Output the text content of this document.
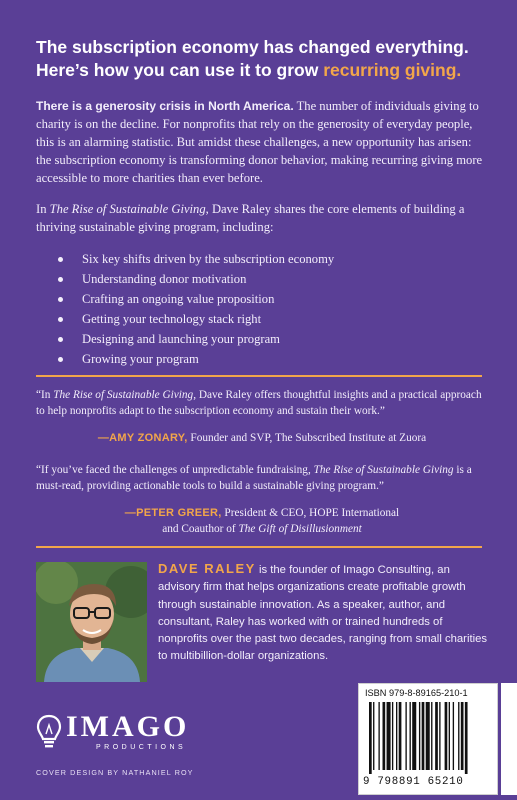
The subscription economy has changed everything.
Here’s how you can use it to grow recurring giving.
There is a generosity crisis in North America. The number of individuals giving to charity is on the decline. For nonprofits that rely on the generosity of everyday people, this is an alarming statistic. But amidst these challenges, a new opportunity has arisen: the subscription economy is transforming donor behavior, making recurring giving more accessible to more charities than ever before.
In The Rise of Sustainable Giving, Dave Raley shares the core elements of building a thriving sustainable giving program, including:
Six key shifts driven by the subscription economy
Understanding donor motivation
Crafting an ongoing value proposition
Getting your technology stack right
Designing and launching your program
Growing your program
“In The Rise of Sustainable Giving, Dave Raley offers thoughtful insights and a practical approach to help nonprofits adapt to the subscription economy and sustain their work.”
—AMY ZONARY, Founder and SVP, The Subscribed Institute at Zuora
“If you’ve faced the challenges of unpredictable fundraising, The Rise of Sustainable Giving is a must-read, providing actionable tools to build a sustainable giving program.”
—PETER GREER, President & CEO, HOPE International
and Coauthor of The Gift of Disillusionment
DAVE RALEY is the founder of Imago Consulting, an advisory firm that helps organizations create profitable growth through sustainable innovation. As a speaker, author, and consultant, Raley has worked with or trained hundreds of nonprofits over the past two decades, ranging from small charities to multibillion-dollar organizations.
IMAGO
PRODUCTIONS
COVER DESIGN BY NATHANIEL ROY
ISBN 979-8-89165-210-1
9 798891 65210
